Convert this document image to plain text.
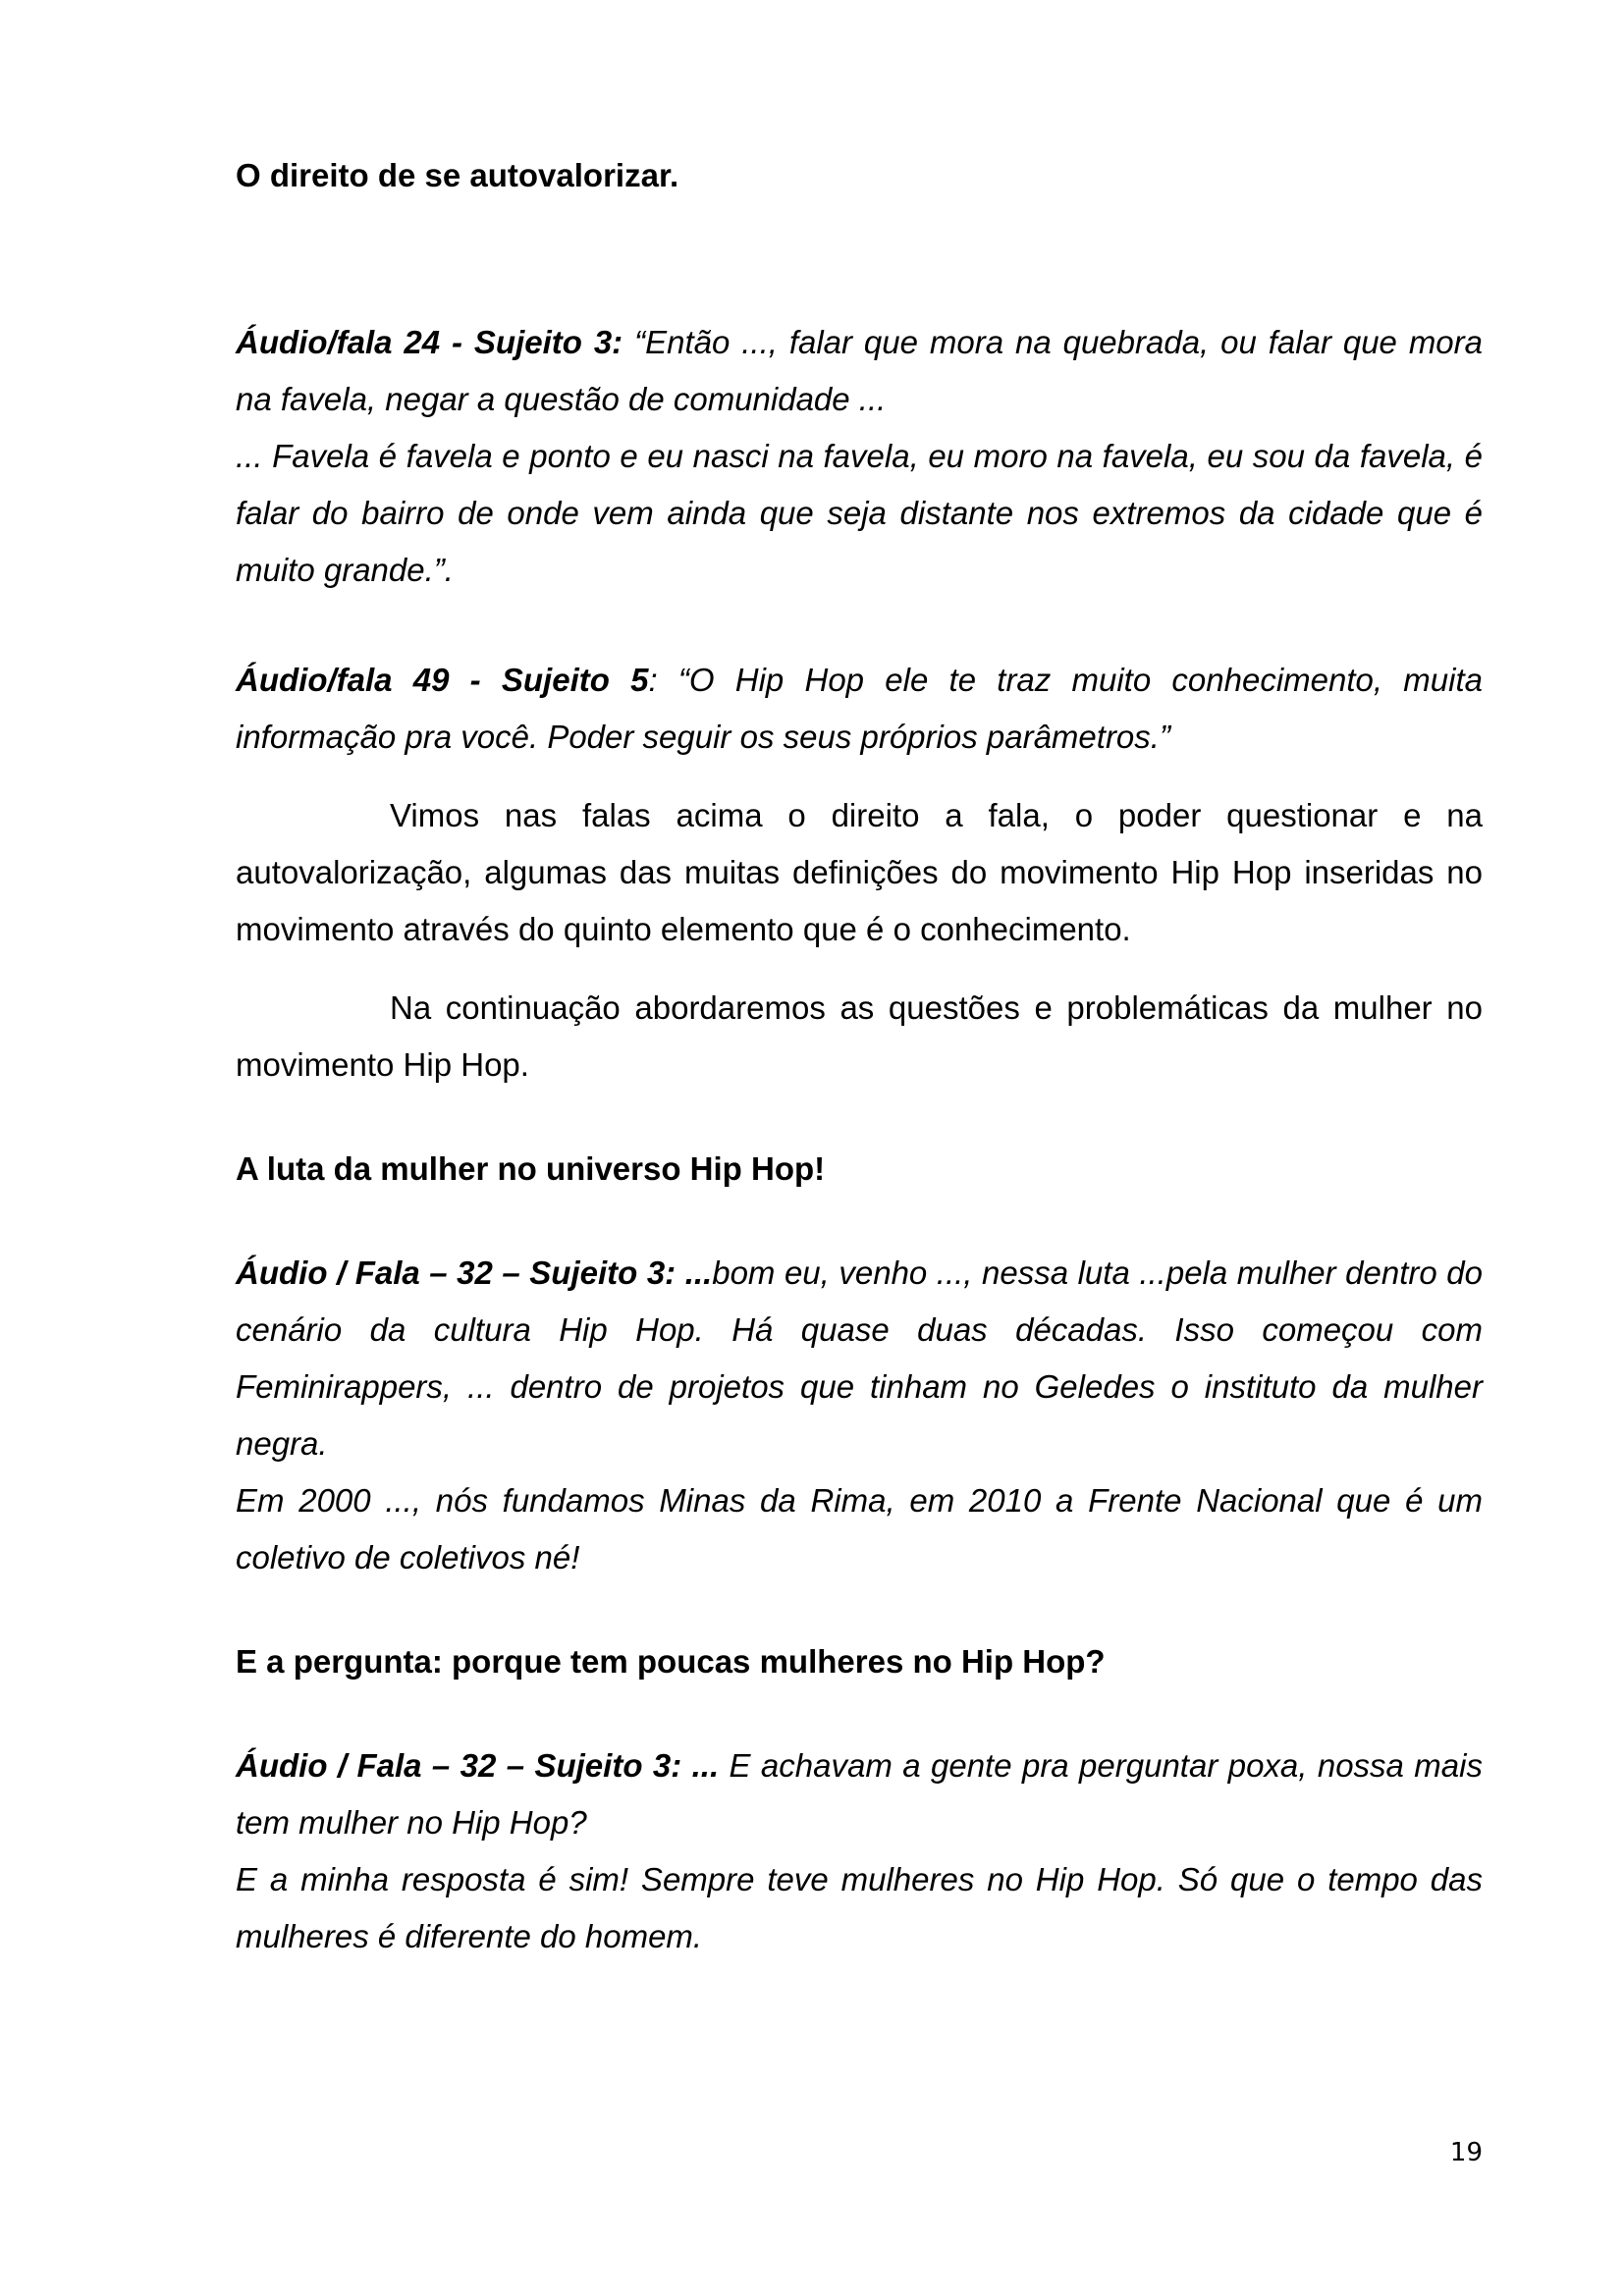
O direito de se autovalorizar.

Áudio/fala 24 - Sujeito 3: “Então ..., falar que mora na quebrada, ou falar que mora na favela, negar a questão de comunidade ...

... Favela é favela e ponto e eu nasci na favela, eu moro na favela, eu sou da favela, é falar do bairro de onde vem ainda que seja distante nos extremos da cidade que é muito grande.”.

Áudio/fala 49 - Sujeito 5: “O Hip Hop ele te traz muito conhecimento, muita informação pra você. Poder seguir os seus próprios parâmetros.”

Vimos nas falas acima o direito a fala, o poder questionar e na autovalorização, algumas das muitas definições do movimento Hip Hop inseridas no movimento através do quinto elemento que é o conhecimento.

Na continuação abordaremos as questões e problemáticas da mulher no movimento Hip Hop.

A luta da mulher no universo Hip Hop!

Áudio / Fala – 32 – Sujeito 3: ...bom eu, venho ..., nessa luta ...pela mulher dentro do cenário da cultura Hip Hop. Há quase duas décadas. Isso começou com Feminirappers, ... dentro de projetos que tinham no Geledes o instituto da mulher negra.

Em 2000 ..., nós fundamos Minas da Rima, em 2010 a Frente Nacional que é um coletivo de coletivos né!

E a pergunta: porque tem poucas mulheres no Hip Hop?

Áudio / Fala – 32 – Sujeito 3: ... E achavam a gente pra perguntar poxa, nossa mais tem mulher no Hip Hop?

E a minha resposta é sim! Sempre teve mulheres no Hip Hop. Só que o tempo das mulheres é diferente do homem.

19
